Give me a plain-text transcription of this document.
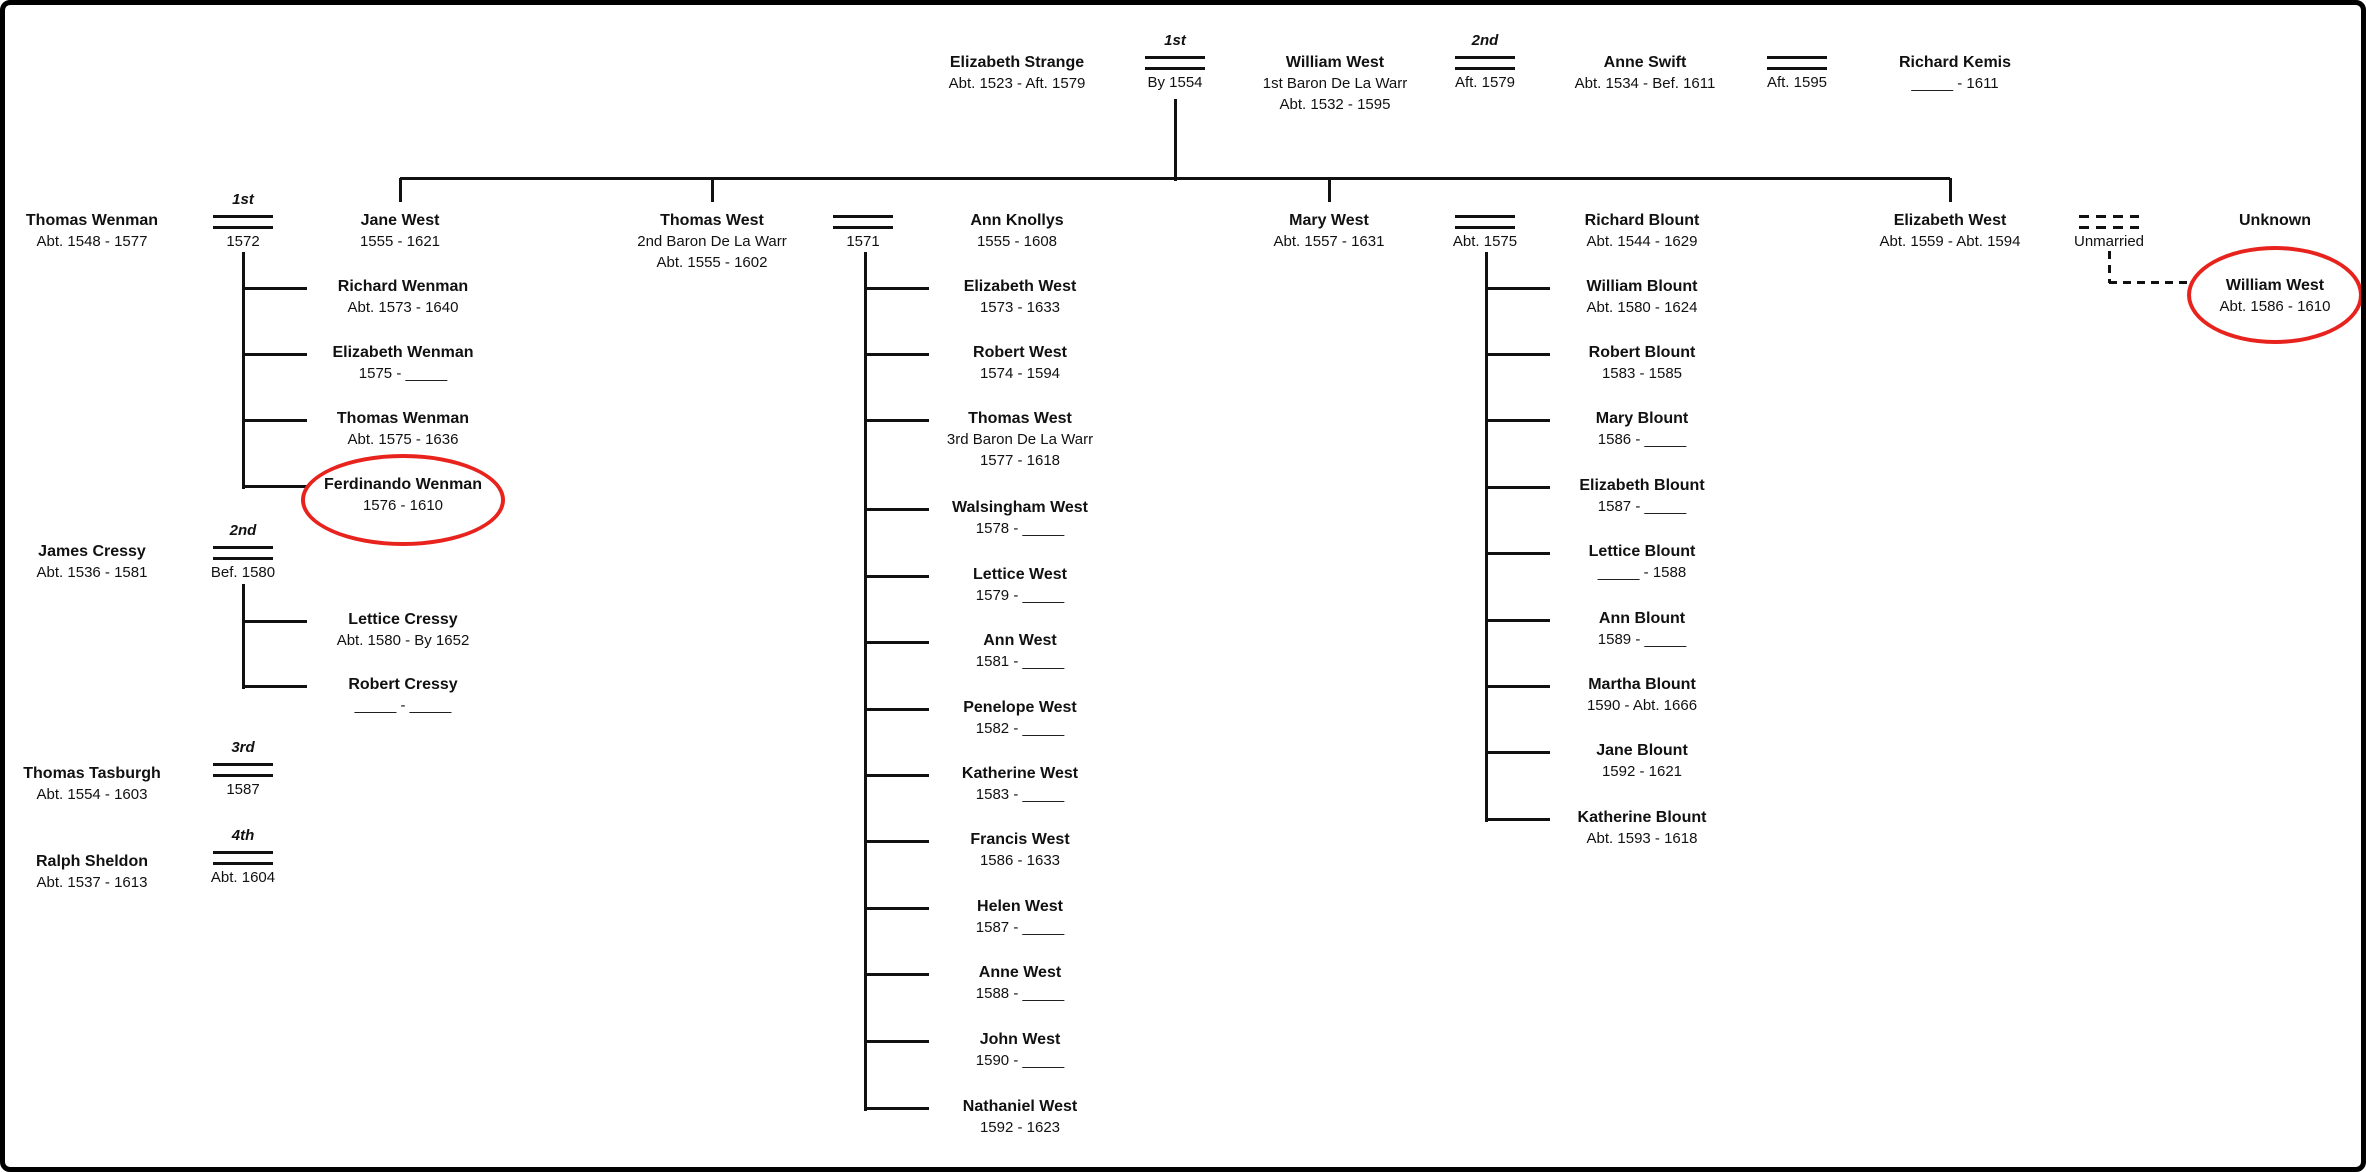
1st
By 1554
2nd
Aft. 1579	Aft. 1595
1st
1572	1571	Abt. 1575	Unmarried
2nd
Bef. 1580
3rd
1587
4th
Abt. 1604
Elizabeth Strange
Abt. 1523 - Aft. 1579
William West
1st Baron De La Warr
Abt. 1532 - 1595
Anne Swift
Abt. 1534 - Bef. 1611
Richard Kemis
_____ - 1611
Thomas Wenman
Abt. 1548 - 1577
Jane West
1555 - 1621
Thomas West
2nd Baron De La Warr
Abt. 1555 - 1602
Ann Knollys
1555 - 1608
Mary West
Abt. 1557 - 1631
Richard Blount
Abt. 1544 - 1629
Elizabeth West
Abt. 1559 - Abt. 1594
Unknown
James Cressy
Abt. 1536 - 1581
Thomas Tasburgh
Abt. 1554 - 1603
Ralph Sheldon
Abt. 1537 - 1613
Richard Wenman
Abt. 1573 - 1640
Elizabeth Wenman
1575 - _____
Thomas Wenman
Abt. 1575 - 1636
Ferdinando Wenman
1576 - 1610
Lettice Cressy
Abt. 1580 - By 1652
Robert Cressy
_____ - _____
Elizabeth West
1573 - 1633
Robert West
1574 - 1594
Thomas West
3rd Baron De La Warr
1577 - 1618
Walsingham West
1578 - _____
Lettice West
1579 - _____
Ann West
1581 - _____
Penelope West
1582 - _____
Katherine West
1583 - _____
Francis West
1586 - 1633
Helen West
1587 - _____
Anne West
1588 - _____
John West
1590 - _____
Nathaniel West
1592 - 1623
William Blount
Abt. 1580 - 1624
Robert Blount
1583 - 1585
Mary Blount
1586 - _____
Elizabeth Blount
1587 - _____
Lettice Blount
_____ - 1588
Ann Blount
1589 - _____
Martha Blount
1590 - Abt. 1666
Jane Blount
1592 - 1621
Katherine Blount
Abt. 1593 - 1618
William West
Abt. 1586 - 1610
